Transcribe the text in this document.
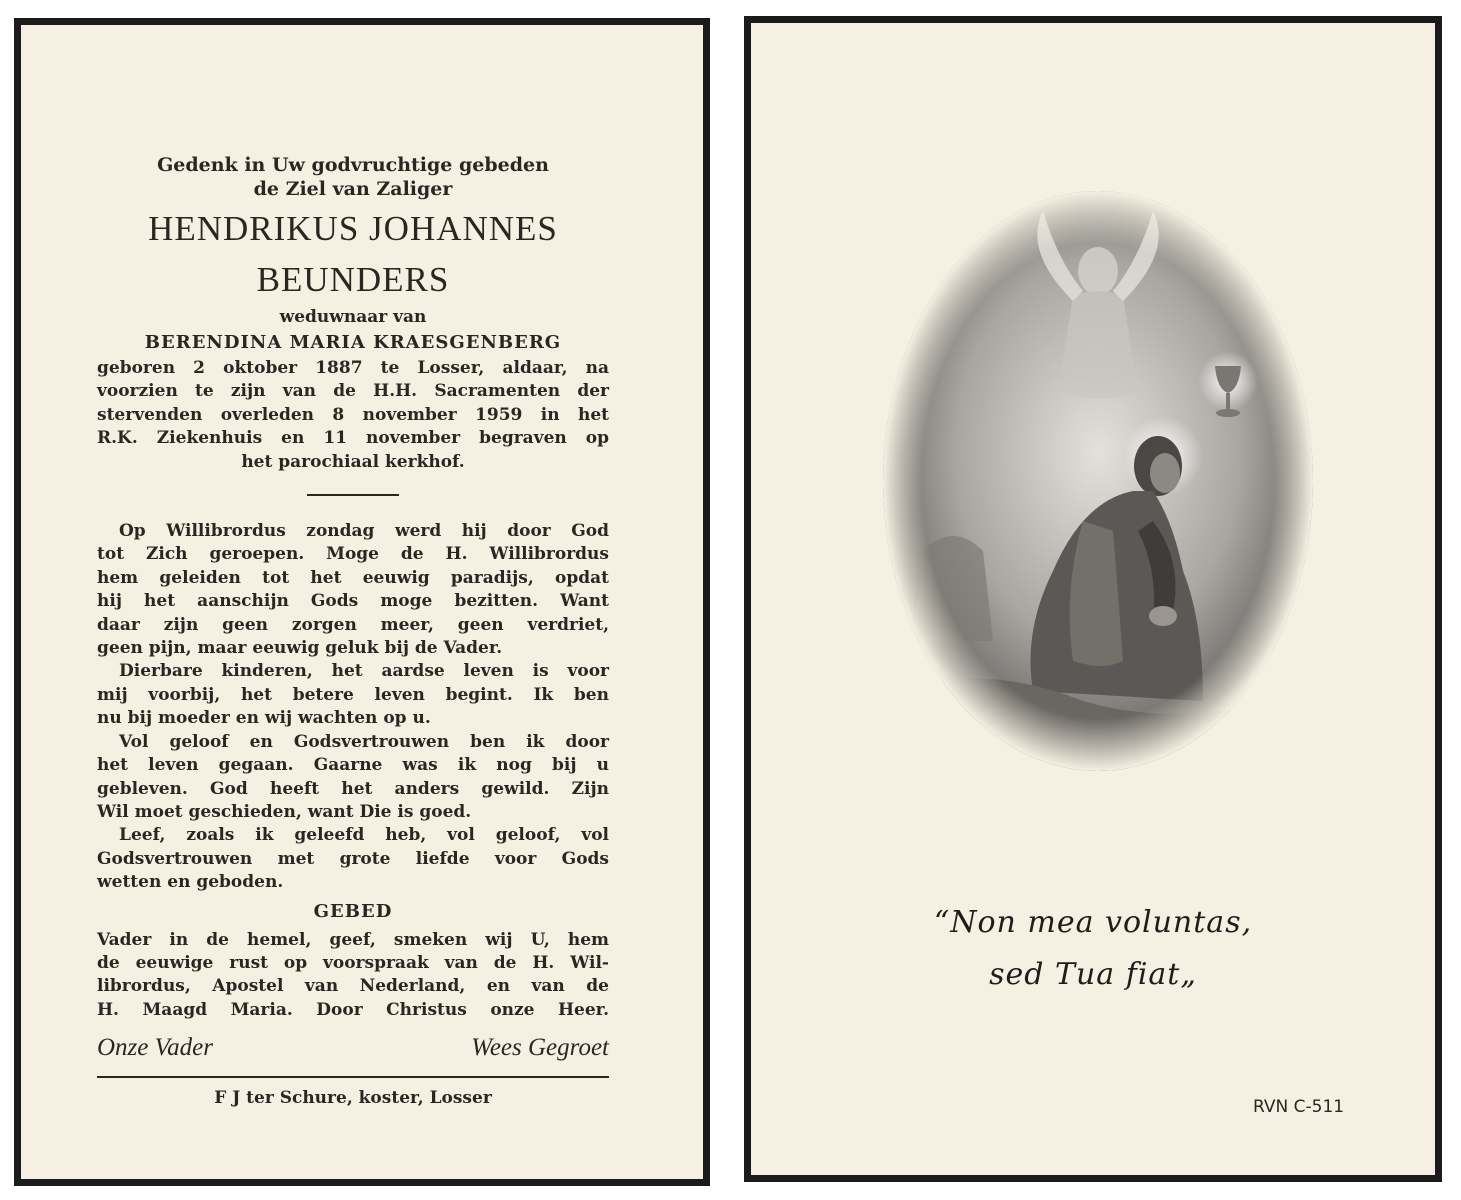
Gedenk in Uw godvruchtige gebeden
de Ziel van Zaliger
HENDRIKUS JOHANNES
BEUNDERS
weduwnaar van
BERENDINA MARIA KRAESGENBERG
geboren 2 oktober 1887 te Losser, aldaar, na
voorzien te zijn van de H.H. Sacramenten der
stervenden overleden 8 november 1959 in het
R.K. Ziekenhuis en 11 november begraven op
het parochiaal kerkhof.
Op Willibrordus zondag werd hij door God
tot Zich geroepen. Moge de H. Willibrordus
hem geleiden tot het eeuwig paradijs, opdat
hij het aanschijn Gods moge bezitten. Want
daar zijn geen zorgen meer, geen verdriet,
geen pijn, maar eeuwig geluk bij de Vader.
Dierbare kinderen, het aardse leven is voor
mij voorbij, het betere leven begint. Ik ben
nu bij moeder en wij wachten op u.
Vol geloof en Godsvertrouwen ben ik door
het leven gegaan. Gaarne was ik nog bij u
gebleven. God heeft het anders gewild. Zijn
Wil moet geschieden, want Die is goed.
Leef, zoals ik geleefd heb, vol geloof, vol
Godsvertrouwen met grote liefde voor Gods
wetten en geboden.
GEBED
Vader in de hemel, geef, smeken wij U, hem
de eeuwige rust op voorspraak van de H. Wil-
librordus, Apostel van Nederland, en van de
H. Maagd Maria. Door Christus onze Heer.
Onze Vader	Wees Gegroet
F J ter Schure, koster, Losser
“Non mea voluntas,
sed Tua fiat„
RVN C-511
